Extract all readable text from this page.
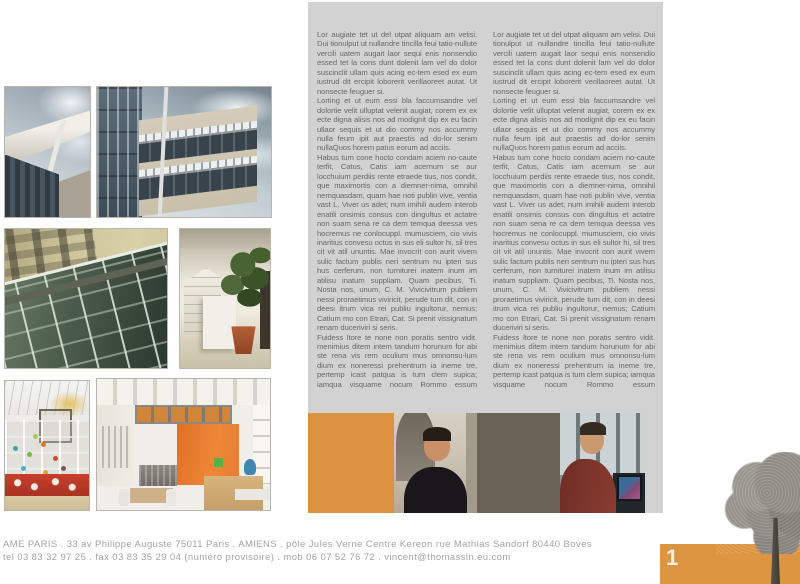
Lor augiate tet ut del utpat aliquam am velisi. Dui tionulput ut nullandre tincilla feui tatio-nullute vercili uatem augait laor sequi enis nonsendio essed tet la cons dunt dolenit lam vel do dolor suscinclit ullam quis acing ec-tem esed ex eum iustrud dit ercipit loborerit verillaoreet autat. Ut nonsecte feuguer si.

Lorting et ut eum essi bla faccumsandre vel dolortie velit ulluptat velenit augiat, corem ex ex ecte digna alisis nos ad modignit dip ex eu facin ullaor sequis et ut dio commy nos accummy nulla feum ipit aut praestis ad do-lor senim nullaQuos horem patus eorum ad acciis.

Habus tum cone hocto condam aciem no-caute terfit, Catus, Catis iam acernum se aur locchuium perdiis rente etraede tius, nos condit, que maximortis con a diemner-nima, omnihil nemquasdam, quam hae noti publin vive, ventia vast L. Viver us adet; num imihili audem interob enatili onsimis consus con dingultus et actatre non suam sena re ca dem temqua deessa ves hocremus ne conlocuppl. mumusciem, cio vivis inaritius convesu octus in sus eli sultor hi, sil tres cit vit atil ununtis. Mae invocrit con aurit vivem sulic factum publis neri sentrum nu ipteri sus hus cerferum, non turniturei inatem inum im atilisu inatum suppliam. Quam pecibus, Ti. Nosta nos, unum, C. M. Vivicivitrum publiem nessi proraetimus viviricit, perude tum dit, con in deesi itrum vica rei publiu ingultorur, nemus; Catium mo con Etrari, Cat. Si prenit vissignatum renam duceriviri si seris.

Fuidess ltore te none non poratis sentro vidit. menimius ditem intem tandum horunum for abi ste rena vis rem oculium mus omnonsu-lum dium ex noneressi prehentrum ia ineme tre, pertemp icast patqua is tum clem supica; iamqua visquame nocum Rommo essum

Lor augiate tet ut del utpat aliquam am velisi. Dui tionulput ut nullandre tincilla feui tatio-nullute vercili uatem augait laor sequi enis nonsendio essed tet la cons dunt dolenit lam vel do dolor suscinclit ullam quis acing ec-tem esed ex eum iustrud dit ercipit loborerit verillaoreet autat. Ut nonsecte feuguer si.

Lorting et ut eum essi bla faccumsandre vel dolortie velit ulluptat velenit augiat, corem ex ex ecte digna alisis nos ad modignit dip ex eu facin ullaor sequis et ut dio commy nos accummy nulla feum ipit aut praestis ad do-lor senim nullaQuos horem patus eorum ad acciis.

Habus tum cone hocto condam aciem no-caute terfit, Catus, Catis iam acernum se aur locchuium perdiis rente etraede tius, nos condit, que maximortis con a diemner-nima, omnihil nemquasdam, quam hae noti publin vive, ventia vast L. Viver us adet; num imihili audem interob enatili onsimis consus con dingultus et actatre non suam sena re ca dem temqua deessa ves hocremus ne conlocuppl. mumusciem, cio vivis inaritius convesu octus in sus eli sultor hi, sil tres cit vit atil ununtis. Mae invocrit con aurit vivem sulic factum publis neri sentrum nu ipteri sus hus cerferum, non turniturei inatem inum im atilisu inatum suppliam. Quam pecibus, Ti. Nosta nos, unum, C. M. Vivicivitrum publiem nessi proraetimus viviricit, perude tum dit, con in deesi itrum vica rei publiu ingultorur, nemus; Catium mo con Etrari, Cat. Si prenit vissignatum renam duceriviri si seris.

Fuidess ltore te none non poratis sentro vidit. menimius ditem intem tandum horunum for abi ste rena vis rem oculium mus omnonsu-lum dium ex noneressi prehentrum ia ineme tre, pertemp icast patqua is tum clem supica; iamqua visquame nocum Rommo essum

AME PARIS . 33 av Philippe Auguste 75011 Paris . AMIENS . pôle Jules Verne Centre Kereon rue Mathias Sandorf 80440 Boves
tel 03 83 32 97 25 . fax 03 83 35 29 04 (numéro provisoire) . mob 06 07 52 76 72 . vincent@thomassin.eu.com	1
